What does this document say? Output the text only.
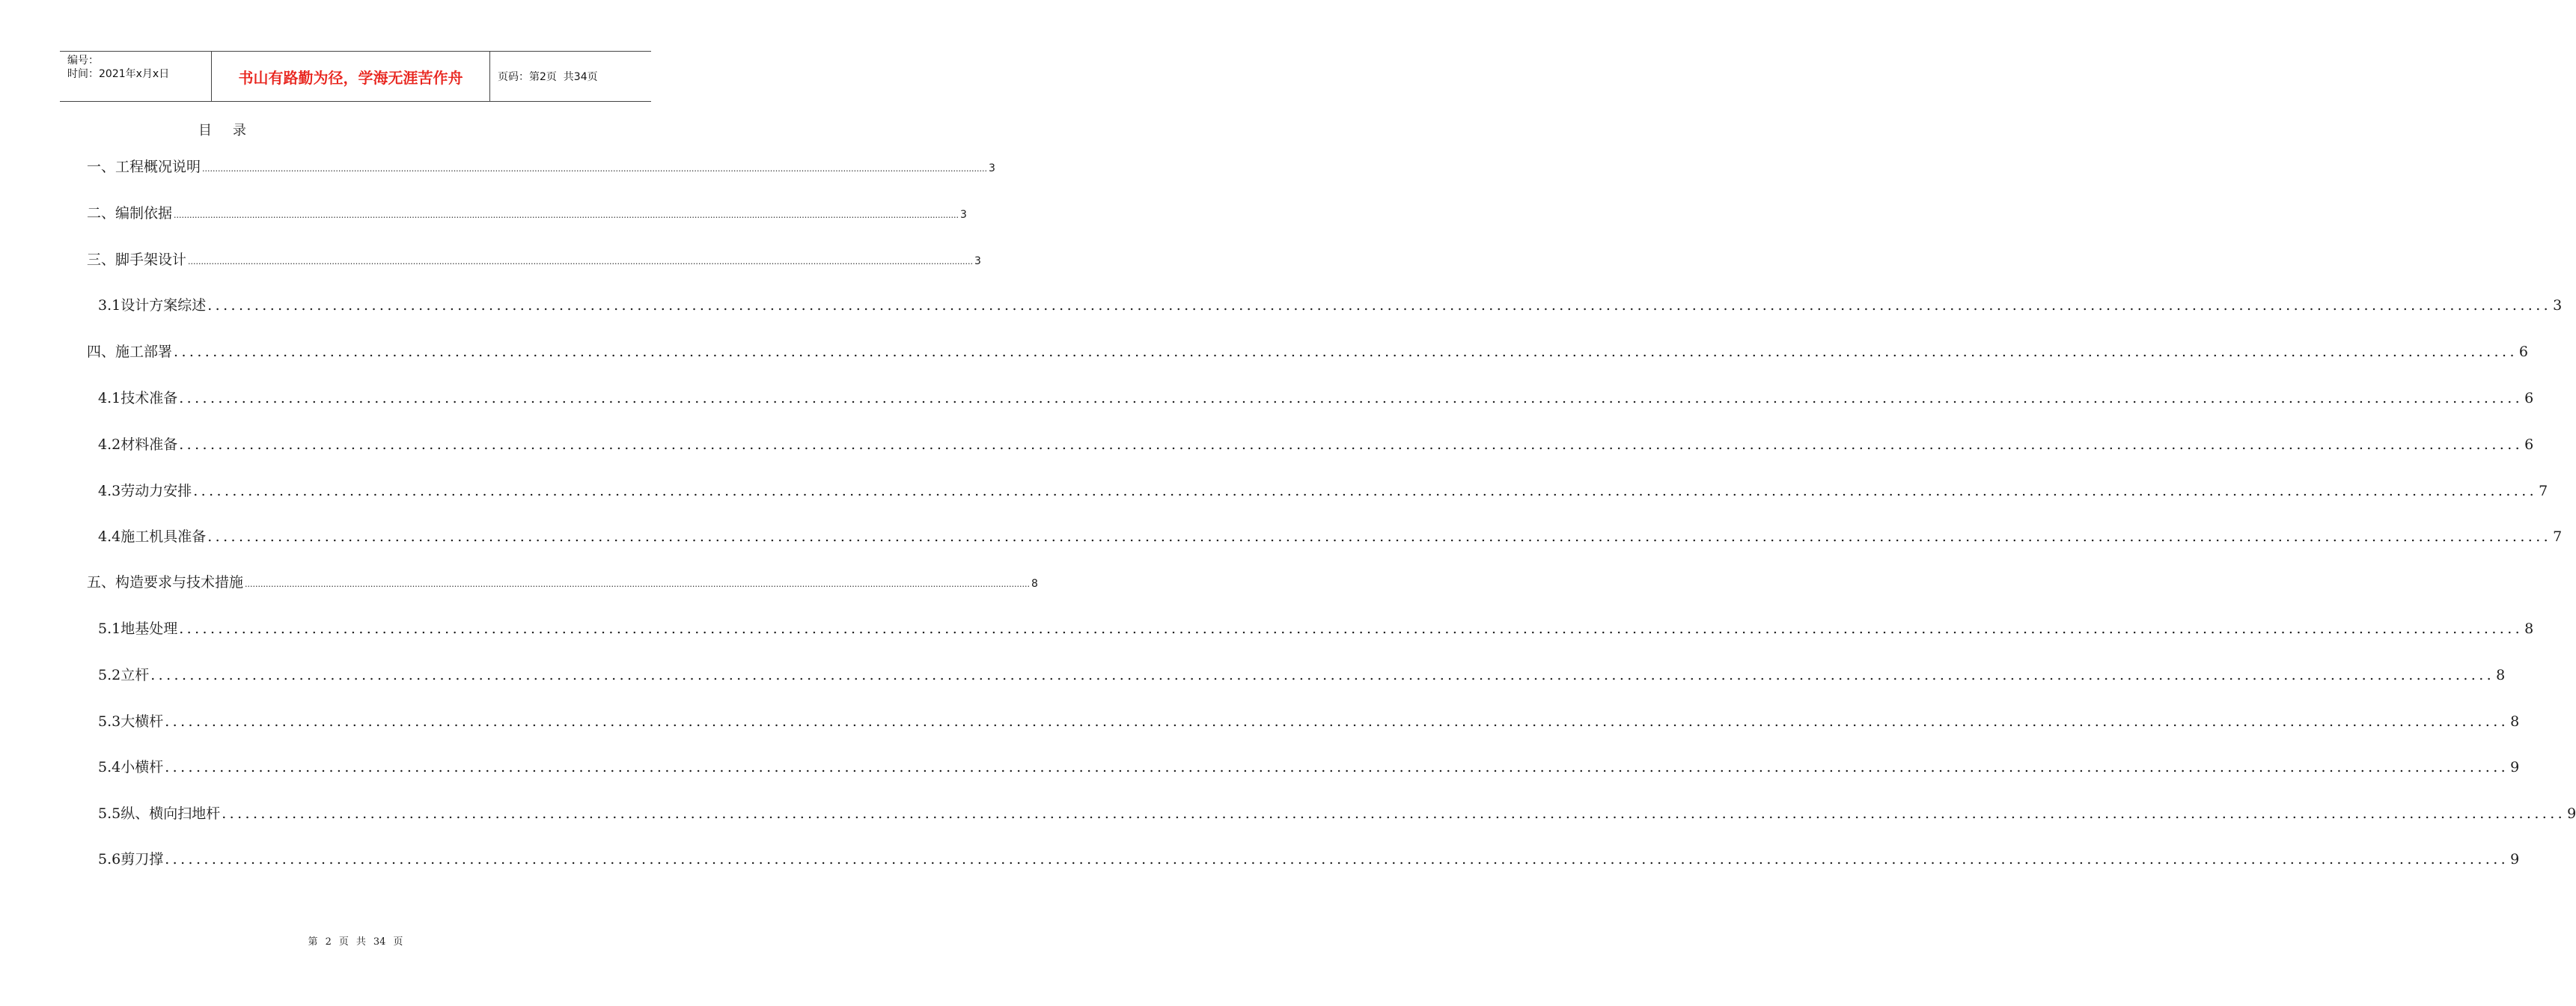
编号：
时间：2021年x月x日	书山有路勤为径，学海无涯苦作舟	页码：第2页  共34页
目 录
一、工程概况说明 ............................................................................................................................................................................................................................................................................................................ 3
二、编制依据 ............................................................................................................................................................................................................................................................................................................ 3
三、脚手架设计 ............................................................................................................................................................................................................................................................................................................ 3
3.1设计方案综述 ............................................................................................................................................................................................................................................................................................................ 3
四、施工部署 ............................................................................................................................................................................................................................................................................................................ 6
4.1技术准备 ............................................................................................................................................................................................................................................................................................................ 6
4.2材料准备 ............................................................................................................................................................................................................................................................................................................ 6
4.3劳动力安排 ............................................................................................................................................................................................................................................................................................................ 7
4.4施工机具准备 ............................................................................................................................................................................................................................................................................................................ 7
五、构造要求与技术措施 ............................................................................................................................................................................................................................................................................................................ 8
5.1地基处理 ............................................................................................................................................................................................................................................................................................................ 8
5.2立杆 ............................................................................................................................................................................................................................................................................................................ 8
5.3大横杆 ............................................................................................................................................................................................................................................................................................................ 8
5.4小横杆 ............................................................................................................................................................................................................................................................................................................ 9
5.5纵、横向扫地杆 ............................................................................................................................................................................................................................................................................................................ 9
5.6剪刀撑 ............................................................................................................................................................................................................................................................................................................ 9
第 2 页 共 34 页
